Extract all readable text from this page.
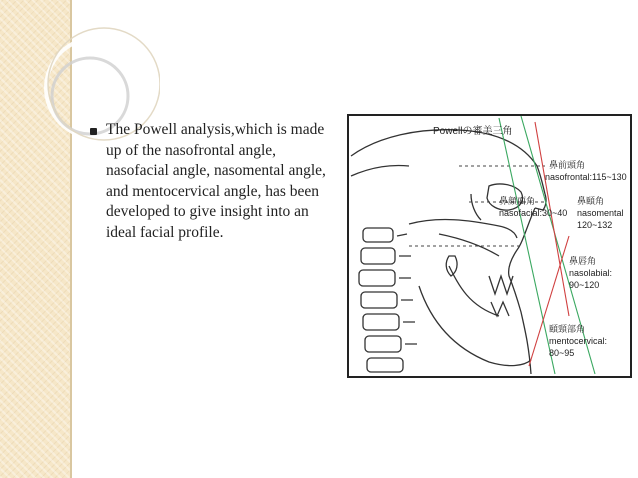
The Powell analysis,which is made up of the nasofrontal angle, nasofacial angle, nasomental angle, and mentocervical angle, has been developed to give insight into an ideal facial profile.
Powellの審美三角
鼻前頭角
nasofrontal:115~130
鼻顔面角
nasofacial:30~40
鼻頤角
nasomental
120~132
鼻唇角
nasolabial:
90~120
頤頸部角
mentocervical:
80~95
